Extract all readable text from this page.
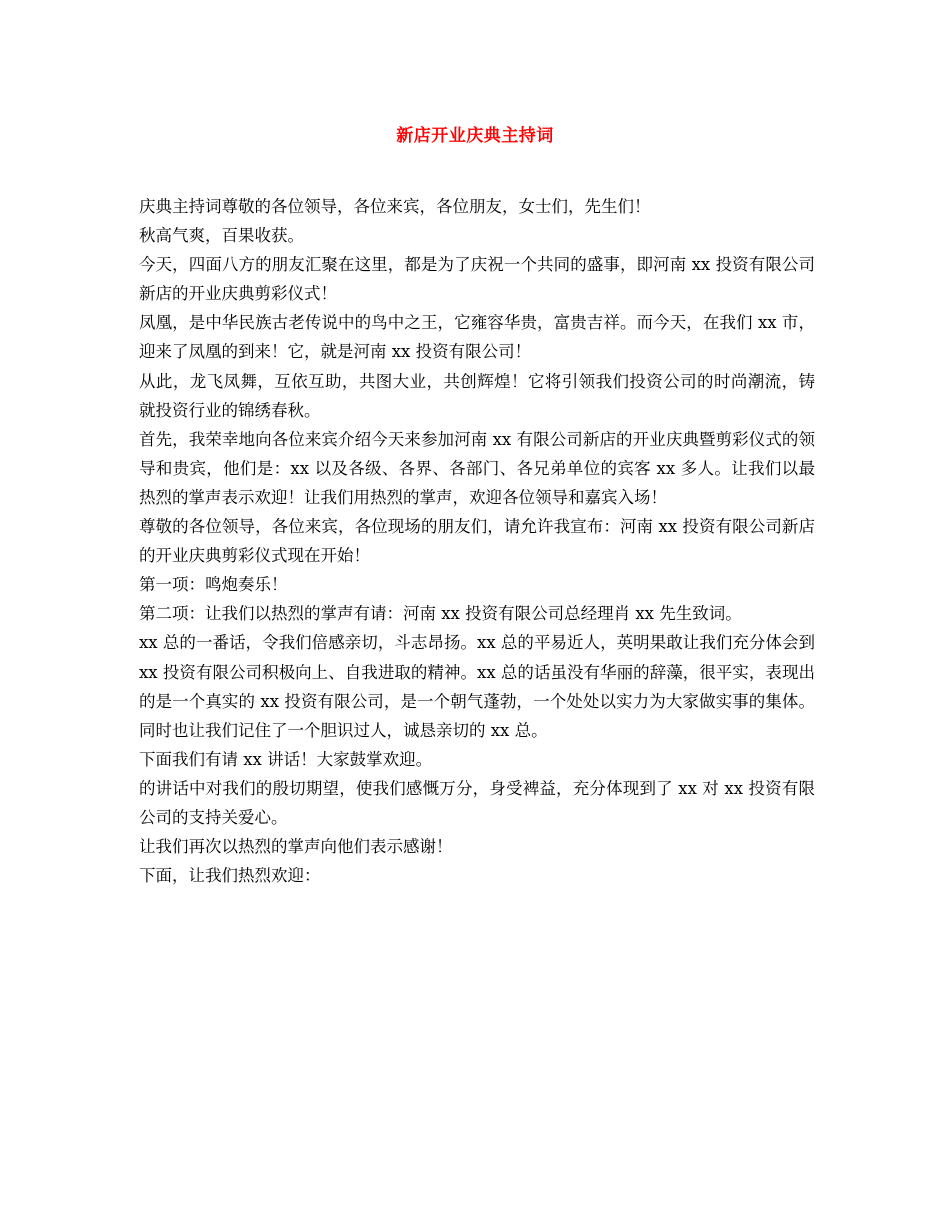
新店开业庆典主持词

庆典主持词尊敬的各位领导，各位来宾，各位朋友，女士们，先生们！

秋高气爽，百果收获。

今天，四面八方的朋友汇聚在这里，都是为了庆祝一个共同的盛事，即河南 xx 投资有限公司新店的开业庆典剪彩仪式！

凤凰，是中华民族古老传说中的鸟中之王，它雍容华贵，富贵吉祥。而今天，在我们 xx 市，迎来了凤凰的到来！它，就是河南 xx 投资有限公司！

从此，龙飞凤舞，互依互助，共图大业，共创辉煌！它将引领我们投资公司的时尚潮流，铸就投资行业的锦绣春秋。

首先，我荣幸地向各位来宾介绍今天来参加河南 xx 有限公司新店的开业庆典暨剪彩仪式的领导和贵宾，他们是：xx 以及各级、各界、各部门、各兄弟单位的宾客 xx 多人。让我们以最热烈的掌声表示欢迎！让我们用热烈的掌声，欢迎各位领导和嘉宾入场！

尊敬的各位领导，各位来宾，各位现场的朋友们，请允许我宣布：河南 xx 投资有限公司新店的开业庆典剪彩仪式现在开始！

第一项：鸣炮奏乐！

第二项：让我们以热烈的掌声有请：河南 xx 投资有限公司总经理肖 xx 先生致词。

xx 总的一番话，令我们倍感亲切，斗志昂扬。xx 总的平易近人，英明果敢让我们充分体会到 xx 投资有限公司积极向上、自我进取的精神。xx 总的话虽没有华丽的辞藻，很平实，表现出的是一个真实的 xx 投资有限公司，是一个朝气蓬勃，一个处处以实力为大家做实事的集体。同时也让我们记住了一个胆识过人，诚恳亲切的 xx 总。

下面我们有请 xx 讲话！大家鼓掌欢迎。

的讲话中对我们的殷切期望，使我们感慨万分，身受裨益，充分体现到了 xx 对 xx 投资有限公司的支持关爱心。

让我们再次以热烈的掌声向他们表示感谢！

下面，让我们热烈欢迎：
